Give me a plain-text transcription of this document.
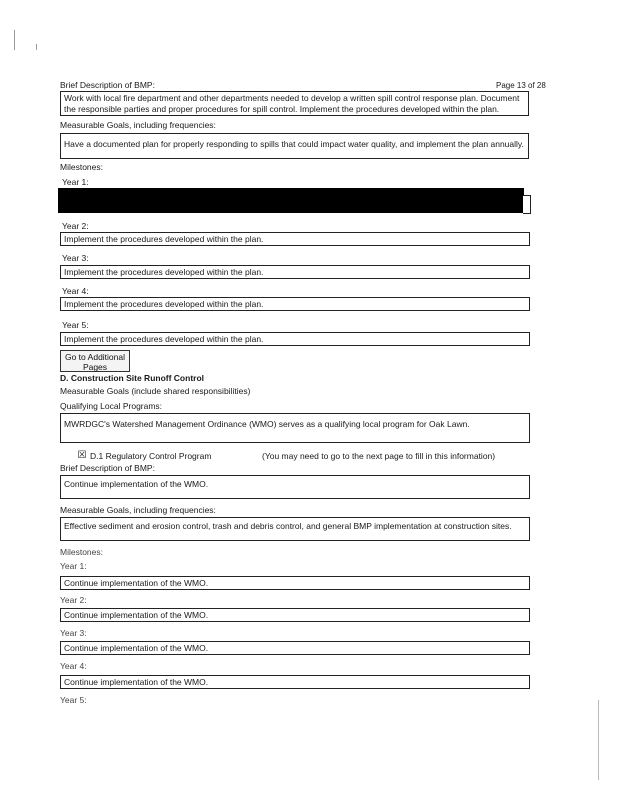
Brief Description of BMP:	Page 13 of 28
Work with local fire department and other departments needed to develop a written spill control response plan. Document the responsible parties and proper procedures for spill control. Implement the procedures developed within the plan.
Measurable Goals, including frequencies:
Have a documented plan for properly responding to spills that could impact water quality, and implement the plan annually.
Milestones:
Year 1:
Year 2:
Implement the procedures developed within the plan.
Year 3:
Implement the procedures developed within the plan.
Year 4:
Implement the procedures developed within the plan.
Year 5:
Implement the procedures developed within the plan.
Go to Additional Pages
D. Construction Site Runoff Control
Measurable Goals (include shared responsibilities)
Qualifying Local Programs:
MWRDGC's Watershed Management Ordinance (WMO) serves as a qualifying local program for Oak Lawn.
☒ D.1 Regulatory Control Program	(You may need to go to the next page to fill in this information)
Brief Description of BMP:
Continue implementation of the WMO.
Measurable Goals, including frequencies:
Effective sediment and erosion control, trash and debris control, and general BMP implementation at construction sites.
Milestones:
Year 1:
Continue implementation of the WMO.
Year 2:
Continue implementation of the WMO.
Year 3:
Continue implementation of the WMO.
Year 4:
Continue implementation of the WMO.
Year 5:
